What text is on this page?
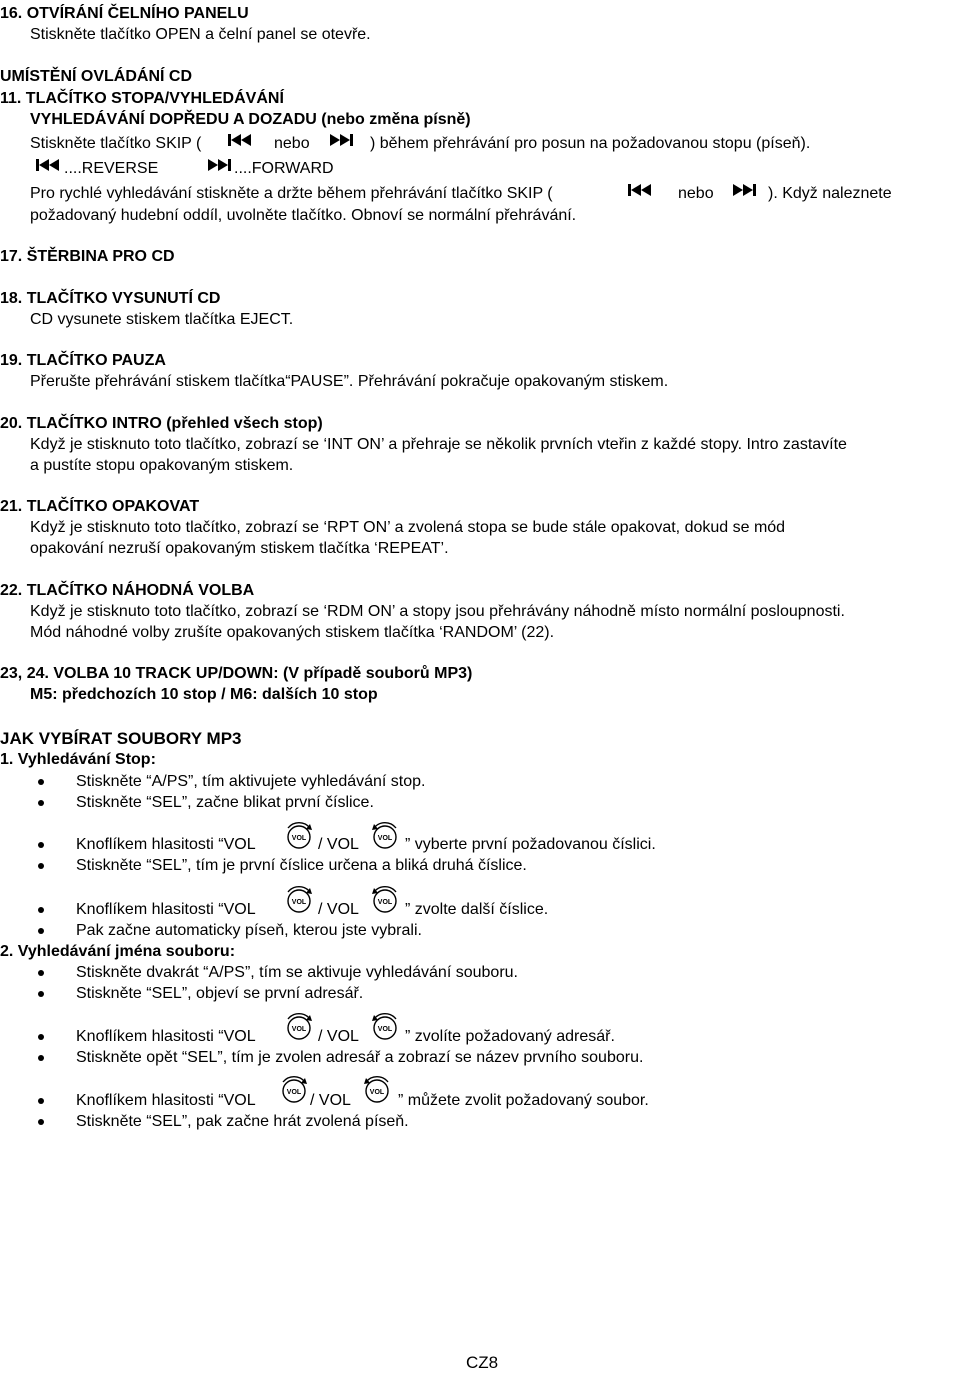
16. OTVÍRÁNÍ ČELNÍHO PANELU
Stiskněte tlačítko OPEN a čelní panel se otevře.
UMÍSTĚNÍ OVLÁDÁNÍ CD
11. TLAČÍTKO STOPA/VYHLEDÁVÁNÍ
VYHLEDÁVÁNÍ DOPŘEDU A DOZADU (nebo změna písně)
Stiskněte tlačítko SKIP (	nebo	) během přehrávání pro posun na požadovanou stopu (píseň).
....REVERSE	....FORWARD
Pro rychlé vyhledávání stiskněte a držte během přehrávání tlačítko SKIP (	nebo	). Když naleznete
požadovaný hudební oddíl, uvolněte tlačítko. Obnoví se normální přehrávání.
17. ŠTĚRBINA PRO CD
18. TLAČÍTKO VYSUNUTÍ CD
CD vysunete stiskem tlačítka EJECT.
19. TLAČÍTKO PAUZA
Přerušte přehrávání stiskem tlačítka“PAUSE”. Přehrávání pokračuje opakovaným stiskem.
20. TLAČÍTKO INTRO (přehled všech stop)
Když je stisknuto toto tlačítko, zobrazí se ‘INT ON’ a přehraje se několik prvních vteřin z každé stopy. Intro zastavíte
a pustíte stopu opakovaným stiskem.
21. TLAČÍTKO OPAKOVAT
Když je stisknuto toto tlačítko, zobrazí se ‘RPT ON’ a zvolená stopa se bude stále opakovat, dokud se mód
opakování nezruší opakovaným stiskem tlačítka ‘REPEAT’.
22. TLAČÍTKO NÁHODNÁ VOLBA
Když je stisknuto toto tlačítko, zobrazí se ‘RDM ON’ a stopy jsou přehrávány náhodně místo normální posloupnosti.
Mód náhodné volby zrušíte opakovaných stiskem tlačítka ‘RANDOM’ (22).
23, 24. VOLBA 10 TRACK UP/DOWN: (V případě souborů MP3)
M5: předchozích 10 stop / M6: dalších 10 stop
JAK VYBÍRAT SOUBORY MP3
1. Vyhledávání Stop:
Stiskněte “A/PS”, tím aktivujete vyhledávání stop.
Stiskněte “SEL”, začne blikat první číslice.
Knoflíkem hlasitosti “VOL	VOL / VOL	VOL ” vyberte první požadovanou číslici.
Stiskněte “SEL”, tím je první číslice určena a bliká druhá číslice.
Knoflíkem hlasitosti “VOL	VOL / VOL	VOL ” zvolte další číslice.
Pak začne automaticky píseň, kterou jste vybrali.
2. Vyhledávání jména souboru:
Stiskněte dvakrát “A/PS”, tím se aktivuje vyhledávání souboru.
Stiskněte “SEL”, objeví se první adresář.
Knoflíkem hlasitosti “VOL	VOL / VOL	VOL ” zvolíte požadovaný adresář.
Stiskněte opět “SEL”, tím je zvolen adresář a zobrazí se název prvního souboru.
Knoflíkem hlasitosti “VOL	VOL / VOL	VOL ” můžete zvolit požadovaný soubor.
Stiskněte “SEL”, pak začne hrát zvolená píseň.
CZ8
